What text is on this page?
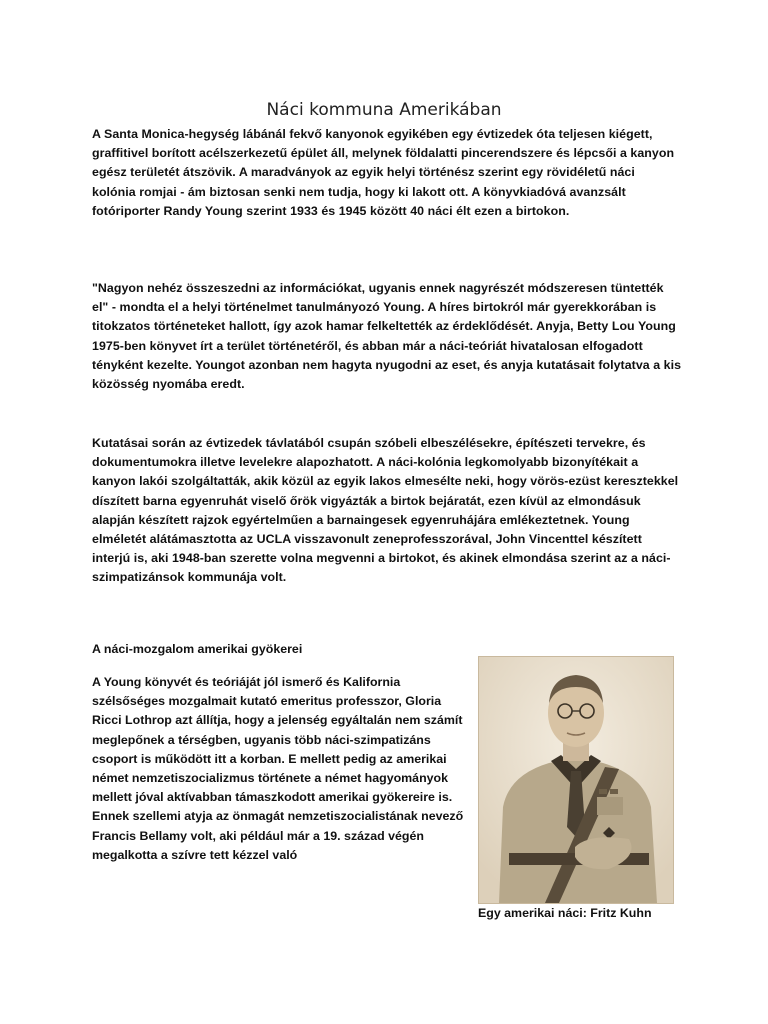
Náci kommuna Amerikában

A Santa Monica-hegység lábánál fekvő kanyonok egyikében egy évtizedek óta teljesen kiégett, graffitivel borított acélszerkezetű épület áll, melynek földalatti pincerendszere és lépcsői a kanyon egész területét átszövik. A maradványok az egyik helyi történész szerint egy rövidéletű náci kolónia romjai - ám biztosan senki nem tudja, hogy ki lakott ott. A könyvkiadóvá avanzsált fotóriporter Randy Young szerint 1933 és 1945 között 40 náci élt ezen a birtokon.

"Nagyon nehéz összeszedni az információkat, ugyanis ennek nagyrészét módszeresen tüntették el" - mondta el a helyi történelmet tanulmányozó Young. A híres birtokról már gyerekkorában is titokzatos történeteket hallott, így azok hamar felkeltették az érdeklődését. Anyja, Betty Lou Young 1975-ben könyvet írt a terület történetéről, és abban már a náci-teóriát hivatalosan elfogadott tényként kezelte. Youngot azonban nem hagyta nyugodni az eset, és anyja kutatásait folytatva a kis közösség nyomába eredt.

Kutatásai során az évtizedek távlatából csupán szóbeli elbeszélésekre, építészeti tervekre, és dokumentumokra illetve levelekre alapozhatott. A náci-kolónia legkomolyabb bizonyítékait a kanyon lakói szolgáltatták, akik közül az egyik lakos elmesélte neki, hogy vörös-ezüst keresztekkel díszített barna egyenruhát viselő őrök vigyázták a birtok bejáratát, ezen kívül az elmondásuk alapján készített rajzok egyértelműen a barnaingesek egyenruhájára emlékeztetnek. Young elméletét alátámasztotta az UCLA visszavonult zeneprofesszorával, John Vincenttel készített interjú is, aki 1948-ban szerette volna megvenni a birtokot, és akinek elmondása szerint az a náci-szimpatizánsok kommunája volt.

A náci-mozgalom amerikai gyökerei

A Young könyvét és teóriáját jól ismerő és Kalifornia szélsőséges mozgalmait kutató emeritus professzor, Gloria Ricci Lothrop azt állítja, hogy a jelenség egyáltalán nem számít meglepőnek a térségben, ugyanis több náci-szimpatizáns csoport is működött itt a korban. E mellett pedig az amerikai német nemzetiszocializmus története a német hagyományok mellett jóval aktívabban támaszkodott amerikai gyökereire is. Ennek szellemi atyja az önmagát nemzetiszocialistának nevező Francis Bellamy volt, aki például már a 19. század végén megalkotta a szívre tett kézzel való

Egy amerikai náci: Fritz Kuhn
